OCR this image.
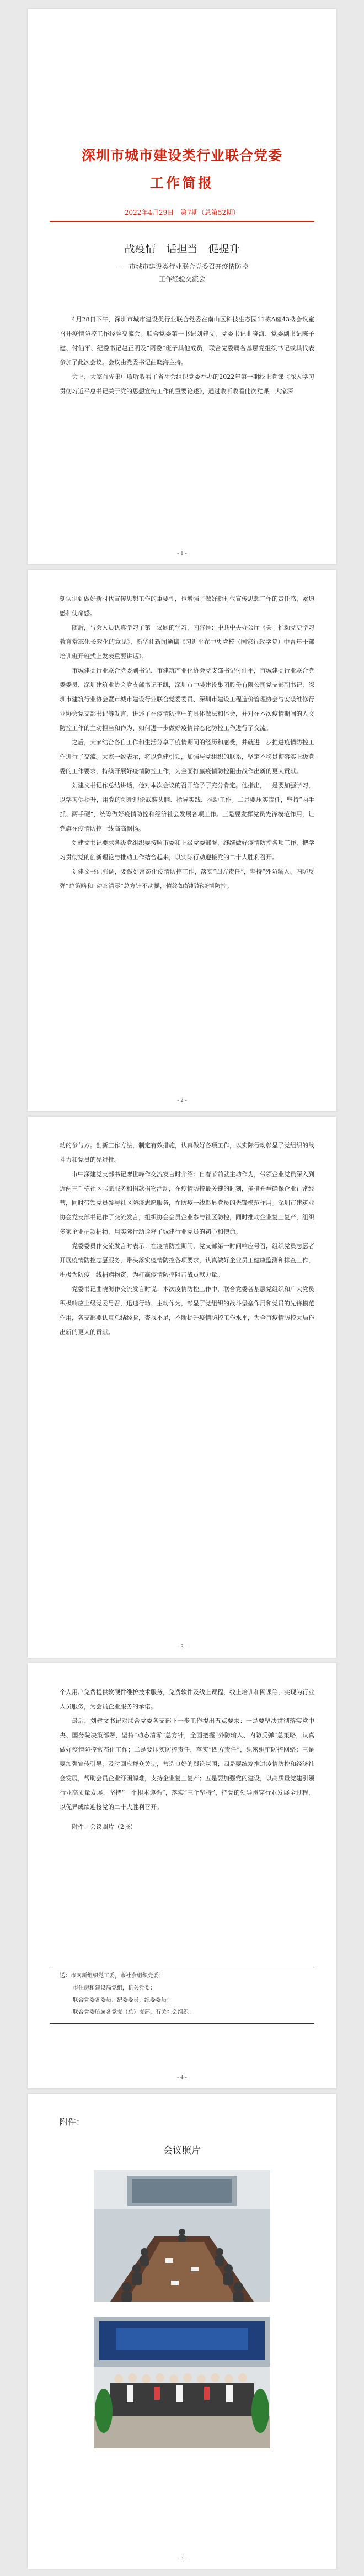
深圳市城市建设类行业联合党委
工作简报
2022年4月29日　第7期（总第52期）
战疫情　话担当　促提升
——市城市建设类行业联合党委召开疫情防控
工作经验交流会

4月28日下午，深圳市城市建设类行业联合党委在南山区科技生态园11栋A座43楼会议室召开疫情防控工作经验交流会。联合党委第一书记刘建文、党委书记曲晓海、党委副书记陈子建、付仙平、纪委书记赵正明及“两委”班子其他成员，联合党委属各基层党组织书记或其代表参加了此次会议。会议由党委书记曲晓海主持。

会上，大家首先集中收听收看了省社会组织党委举办的2022年第一期线上党课《深入学习贯彻习近平总书记关于党的思想宣传工作的重要论述》，通过收听收看此次党课，大家深

- 1 -

刻认识到做好新时代宣传思想工作的重要性，也增强了做好新时代宣传思想工作的责任感、紧迫感和使命感。

随后，与会人员认真学习了第一议题的学习，内容是：中共中央办公厅《关于推动党史学习教育常态化长效化的意见》、新华社新闻通稿《习近平在中央党校（国家行政学院）中青年干部培训班开班式上发表重要讲话》。

市城建类行业联合党委副书记、市建筑产业化协会党支部书记付仙平，市城建类行业联合党委委员、深圳建筑业协会党支部书记王凯，深圳市中装建设集团股份有限公司党支部副书记，深圳市建筑行业协会暨市城市建设行业联合党委委员、深圳市建设工程造价管理协会与安装维修行业协会党支部书记等发言，讲述了在疫情防控中的具体做法和体会，并对在本次疫情期间的人文防控工作的主动担当和作为、如何进一步做好疫情常态化防控工作进行了交流。

之后，大家结合各自工作和生活分享了疫情期间的经历和感受，并就进一步推进疫情防控工作进行了交流。大家一致表示，将以党建引领，加强与党组织的联系，坚定不移贯彻落实上级党委的工作要求，持续开展好疫情防控工作，为全面打赢疫情防控阻击战作出新的更大贡献。

刘建文书记作总结讲话，他对本次会议的召开给予了充分肯定。他指出，一是要加强学习，以学习促提升，用党的创新理论武装头脑、指导实践、推动工作。二是要压实责任，坚持“两手抓、两手硬”，统筹做好疫情防控和经济社会发展各项工作。三是要发挥党员先锋模范作用，让党旗在疫情防控一线高高飘扬。

刘建文书记要求各级党组织要按照市委和上级党委部署，继续做好疫情防控各项工作，把学习贯彻党的创新理论与推动工作结合起来，以实际行动迎接党的二十大胜利召开。

刘建文书记强调，要做好常态化疫情防控工作，落实“四方责任”，坚持“外防输入、内防反弹”总策略和“动态清零”总方针不动摇，慎终如始抓好疫情防控。

- 2 -

动的参与方。创新工作方法，制定有效措施，认真做好各项工作，以实际行动彰显了党组织的战斗力和党员的先进性。

市中深建党支部书记廖世峰作交流发言时介绍：自春节前就主动作为，带领企业党员深入到近两三千栋社区志愿服务和捐款捐物活动，在疫情防控最关键的时刻，多措并举确保企业正常经营，同时带领党员参与社区防疫志愿服务，在防疫一线彰显党员的先锋模范作用。深圳市建筑业协会党支部书记作了交流发言，组织协会会员企业参与社区防控，同时推动企业复工复产，组织多家企业捐款捐物，用实际行动诠释了城建行业党员的初心和使命。

党委委员作交流发言时表示：在疫情防控期间，党支部第一时间响应号召，组织党员志愿者开展疫情防控志愿服务，带头落实疫情防控各项要求，认真做好企业员工健康监测和排查工作，积极为防疫一线捐赠物资，为打赢疫情防控阻击战贡献力量。

党委书记曲晓海作交流发言时说：本次疫情防控工作中，联合党委各基层党组织和广大党员积极响应上级党委号召，迅速行动、主动作为，彰显了党组织的战斗堡垒作用和党员的先锋模范作用，各支部要认真总结经验，查找不足，不断提升疫情防控工作水平，为全市疫情防控大局作出新的更大的贡献。

- 3 -

个人用户免费提供软硬件维护技术服务，免费软件及线上课程，线上培训和网课等，实现为行业人员服务，为会员企业服务的承诺。

最后，刘建文书记对联合党委各支部下一步工作提出五点要求：一是要坚决贯彻落实党中央、国务院决策部署，坚持“动态清零”总方针，全面把握“外防输入、内防反弹”总策略，认真做好疫情防控常态化工作；二是要压实防控责任，落实“四方责任”，织密织牢防控网络；三是要加强宣传引导，及时回应群众关切，营造良好的舆论氛围；四是要统筹推进疫情防控和经济社会发展，帮助会员企业纾困解难，支持企业复工复产；五是要加强党的建设，以高质量党建引领行业高质量发展，坚持“一个根本遵循”，落实“三个坚持”，把党的领导贯穿行业发展全过程，以优异成绩迎接党的二十大胜利召开。

附件：会议照片（2张）

送：市网新组织党工委，市社会组织党委；

市住房和建设局党组，机关党委；

联合党委各委员、纪委委员，纪委委员；

联合党委所属各党支（总）支部，有关社会组织。

- 4 -
附件：
会议照片
- 5 -
